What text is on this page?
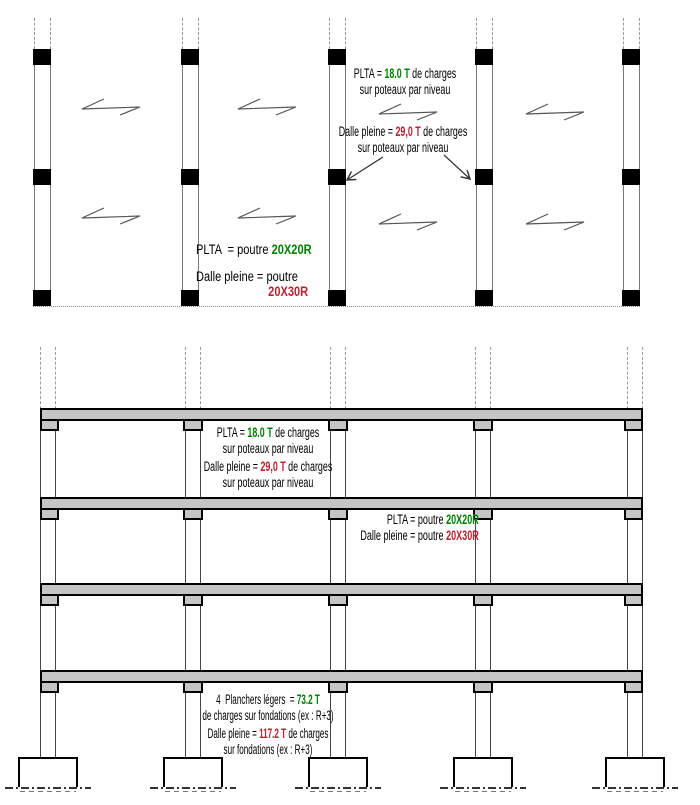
PLTA = 18.0 T de charges
sur poteaux par niveau
Dalle pleine = 29,0 T de charges
sur poteaux par niveau
PLTA  = poutre 20X20R
Dalle pleine = poutre
20X30R
PLTA = 18.0 T de charges
sur poteaux par niveau
Dalle pleine = 29,0 T de charges
sur poteaux par niveau
PLTA = poutre 20X20R
Dalle pleine = poutre 20X30R
4  Planchers légers  = 73.2 T
de charges sur fondations (ex : R+3)
Dalle pleine = 117.2 T de charges
sur fondations (ex : R+3)
